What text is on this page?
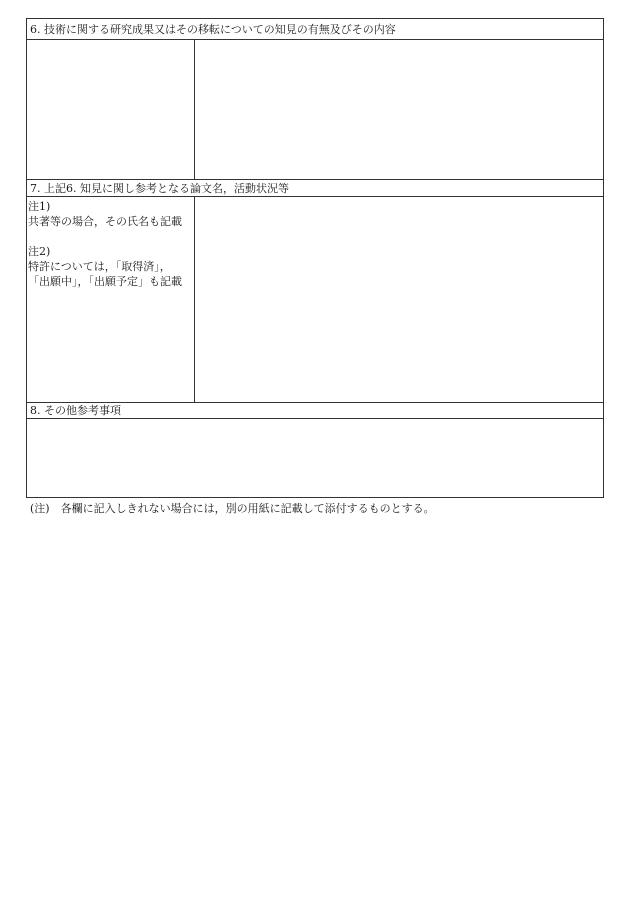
6. 技術に関する研究成果又はその移転についての知見の有無及びその内容
7. 上記6. 知見に関し参考となる論文名，活動状況等
注1)
共著等の場合，その氏名も記載
注2)
特許については，「取得済」，
「出願中」，「出願予定」も記載
8. その他参考事項
(注)　各欄に記入しきれない場合には，別の用紙に記載して添付するものとする。
